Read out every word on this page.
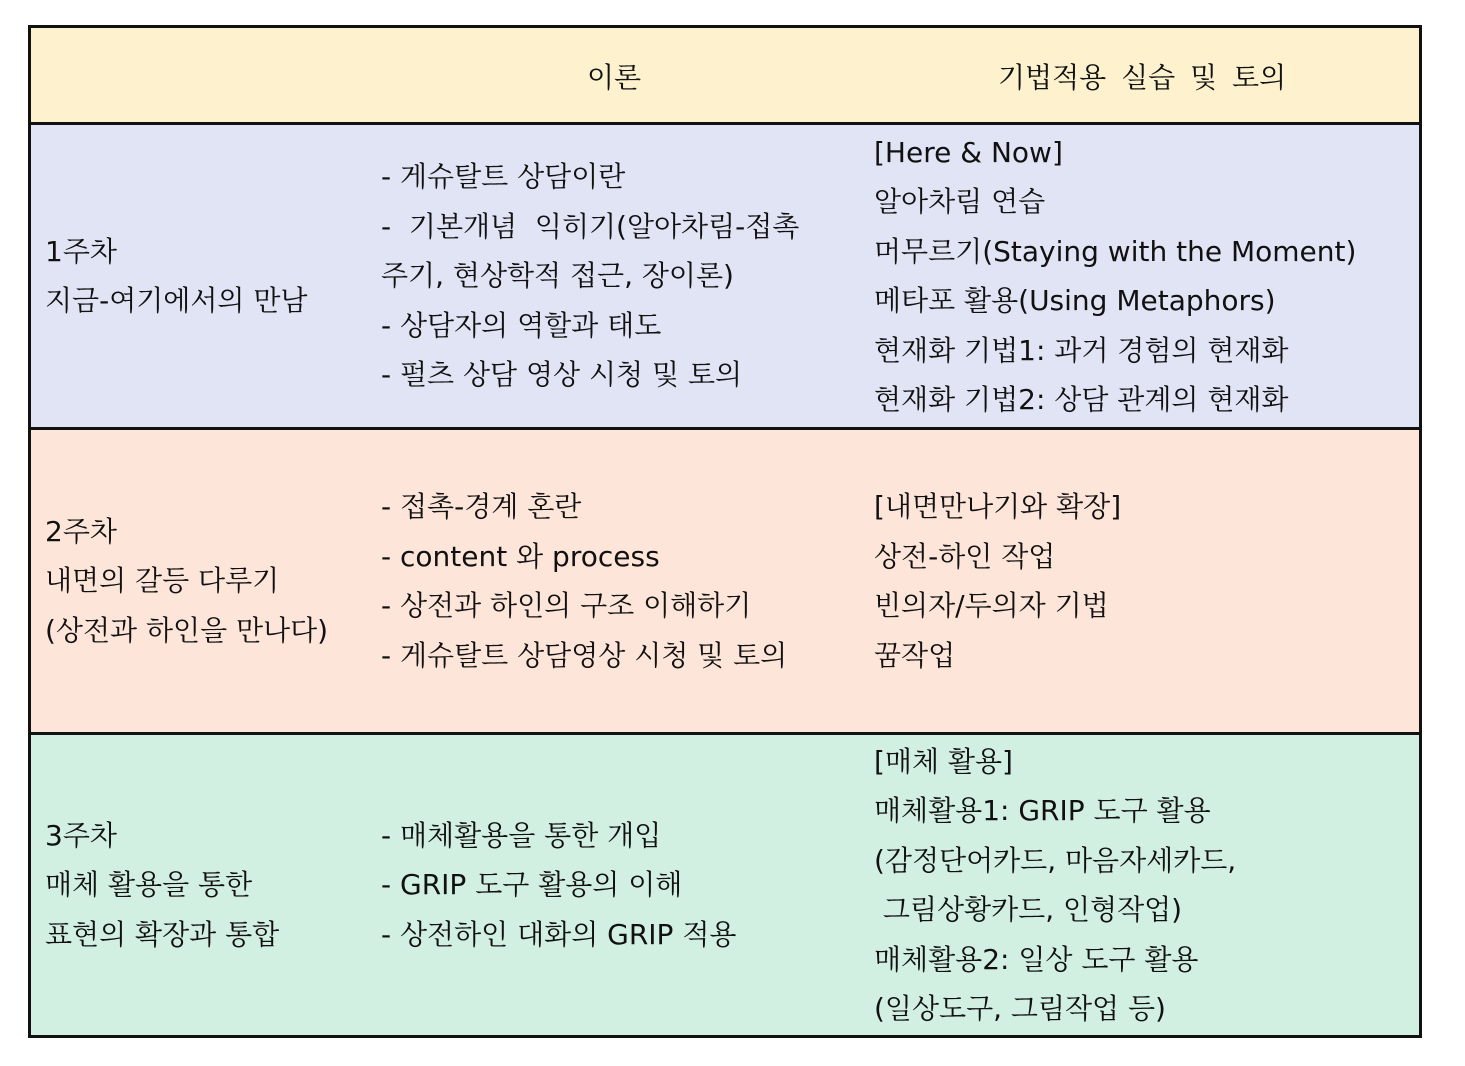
이론	기법적용 실습 및 토의
1주차
지금-여기에서의 만남
- 게슈탈트 상담이란
-  기본개념  익히기(알아차림-접촉
주기, 현상학적 접근, 장이론)
- 상담자의 역할과 태도
- 펄츠 상담 영상 시청 및 토의
[Here & Now]
알아차림 연습
머무르기(Staying with the Moment)
메타포 활용(Using Metaphors)
현재화 기법1: 과거 경험의 현재화
현재화 기법2: 상담 관계의 현재화
2주차
내면의 갈등 다루기
(상전과 하인을 만나다)
- 접촉-경계 혼란
- content 와 process
- 상전과 하인의 구조 이해하기
- 게슈탈트 상담영상 시청 및 토의
[내면만나기와 확장]
상전-하인 작업
빈의자/두의자 기법
꿈작업
3주차
매체 활용을 통한
표현의 확장과 통합
- 매체활용을 통한 개입
- GRIP 도구 활용의 이해
- 상전하인 대화의 GRIP 적용
[매체 활용]
매체활용1: GRIP 도구 활용
(감정단어카드, 마음자세카드,
그림상황카드, 인형작업)
매체활용2: 일상 도구 활용
(일상도구, 그림작업 등)
